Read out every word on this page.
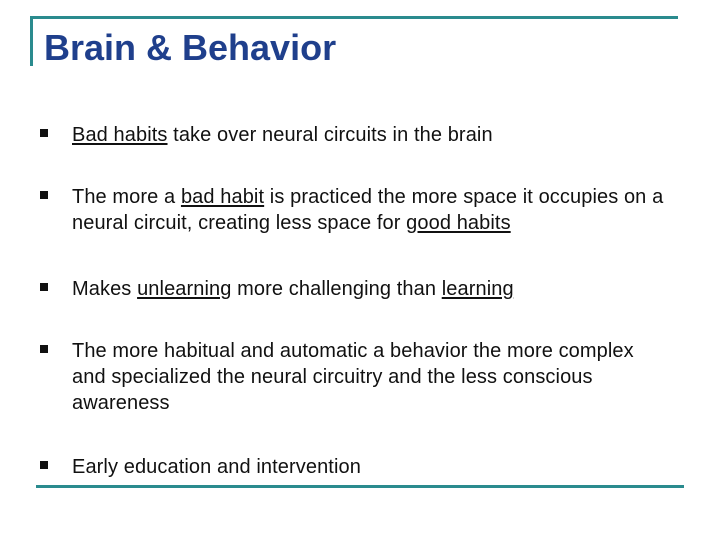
Brain & Behavior
Bad habits take over neural circuits in the brain
The more a bad habit is practiced the more space it occupies on a neural circuit, creating less space for good habits
Makes unlearning more challenging than learning
The more habitual and automatic a behavior the more complex and specialized the neural circuitry and the less conscious awareness
Early education and intervention
